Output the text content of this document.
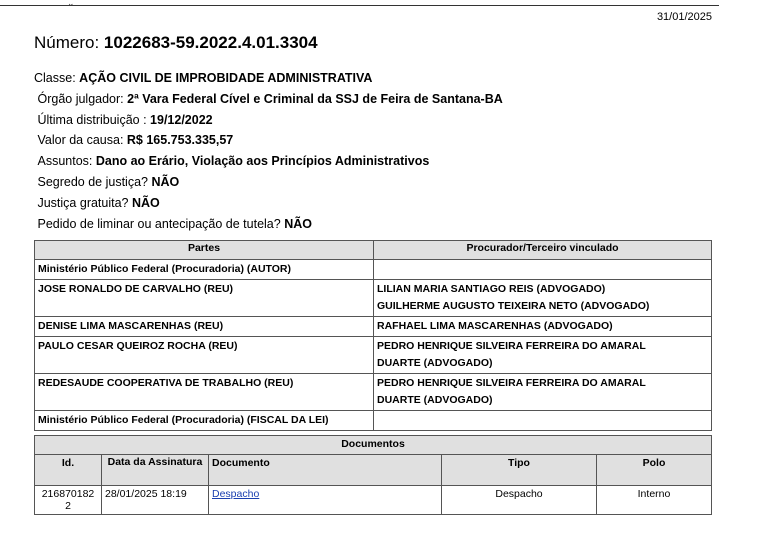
⌄
31/01/2025
Número: 1022683-59.2022.4.01.3304
Classe: AÇÃO CIVIL DE IMPROBIDADE ADMINISTRATIVA
Órgão julgador: 2ª Vara Federal Cível e Criminal da SSJ de Feira de Santana-BA
Última distribuição : 19/12/2022
Valor da causa: R$ 165.753.335,57
Assuntos: Dano ao Erário, Violação aos Princípios Administrativos
Segredo de justiça? NÃO
Justiça gratuita? NÃO
Pedido de liminar ou antecipação de tutela? NÃO
Partes	Procurador/Terceiro vinculado
Ministério Público Federal (Procuradoria) (AUTOR)	
JOSE RONALDO DE CARVALHO (REU)	LILIAN MARIA SANTIAGO REIS (ADVOGADO)
GUILHERME AUGUSTO TEIXEIRA NETO (ADVOGADO)

DENISE LIMA MASCARENHAS (REU)	RAFHAEL LIMA MASCARENHAS (ADVOGADO)

PAULO CESAR QUEIROZ ROCHA (REU)	PEDRO HENRIQUE SILVEIRA FERREIRA DO AMARAL
DUARTE (ADVOGADO)

REDESAUDE COOPERATIVA DE TRABALHO (REU)	PEDRO HENRIQUE SILVEIRA FERREIRA DO AMARAL
DUARTE (ADVOGADO)

Ministério Público Federal (Procuradoria) (FISCAL DA LEI)	
Documentos				
Id.	Data da Assinatura	Documento	Tipo	Polo
216870182 2	28/01/2025 18:19	Despacho	Despacho	Interno
